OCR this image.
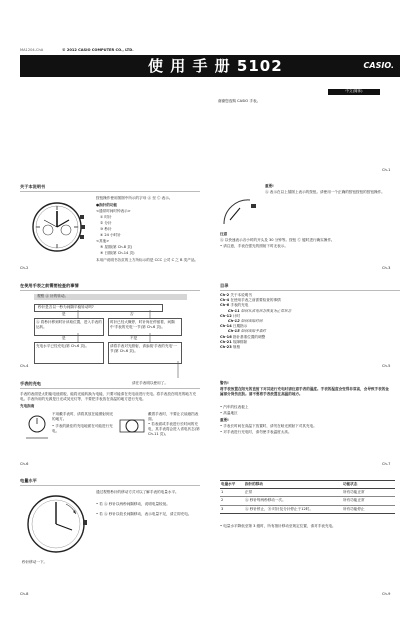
MA1204-ChA	© 2012 CASIO COMPUTER CO., LTD.
使 用 手 册 5102	CASIO.
中文(简体)
谢谢您选购 CASIO 手表。
Ch-1
关于本说明书
按钮操作使用图图中所示的字母 Ⓐ 至 Ⓒ 表示。
●指针的功能
<通常时间时钟表示>
① 时针
② 分针
③ 秒针
④ 24 小时针
<其他>
⑤ 星期(第 Ch-8 页)
⑥ 日期(第 Ch-14 页)
本用户说明书各页的上方所标示的是 CCC 公司 C 之 B 类产品。
Ch-2
重要!
Ⓐ 表示在以上插图上表示的按钮。请使用一个正确的按钮按钮的按钮操作。
注意
Ⓐ 以快速表示各小时的开头及 30 分钟等。按钮 Ⓒ 键时进行确实操作。
• 请注意，手表在强光的照射下时无表示。
Ch-3
在使用手表之前需要检查的事情
观察 Ⓐ 针的转动。
秒针是否以一秒为间隔平稳转动吗?
是	否
Ⓐ 将秒针移到时针读取位置，进入手表的运转。
时针已经大概停，时针尚在停留着，间隔中'手表的充电'一节(第 Ch-6 页)。
是	不是
充电水平已经充电(第 Ch-6 页)。	请将手表对光照射，请参阅'手表的充电'一节(第 Ch-6 页)。
请在手表明以使用了。
Ch-4
目录
Ch-2 关于本说明书
Ch-4 在使用手表之前需要检查的事情
Ch-6 手表的充电
Ch-11 如何从省电状态恢复为正常状态
Ch-12 计时
Ch-12 如何读取时间
Ch-14 日期指示
Ch-15 如何读取手表时
Ch-16 指针基准位置的调整
Ch-21 故障排除
Ch-23 规格
Ch-5
手表的充电
手表的表面是太阳能电池面板，能将光能转换为电能，只要可能请在充电前进行充电。将手表放在明亮的地方充电。手表所用的光源是日光或荧光灯等，不要把手表放在高温的地方进行充电。
充电指南
不用戴手表时，请将其放在能照射到光的地方。
• 手表的最佳的充电地面在可能进行充电。
戴着手表时，不要让衣袖遮挡表面。
• 若表面或手表进行长时间的充电，其手表将会进入省电状态(第 Ch-11 页)。
Ch-6
警告!
将手表放置在阳光的直射下对其进行充电时请注意手表的温度。手表的温度会变得非常高，会导致手表的金属部分烫伤皮肤。请不要将手表放置在高温的地方。
• 汽车的仪表板上
• 高温地区
重要!
• 手表长时间在高温下放置时，请勿在暗光照射下对其充电。
• 对手表进行充电时，请勿使手表温度太高。
Ch-7
电量水平
秒针移动一下。
通过观察秒针的移动方式可以了解手表的电量水平。
• 若 Ⓐ 秒针以两秒间隔移动，说明电量较低。
• 若 Ⓐ 秒针以较长间隔移动，表示电量不足，请立即充电。
Ch-8
电量水平	指针的移动	功能状态
1	正常	所有功能正常
2	Ⓐ 秒针每两秒移动一次。	所有功能正常
3	Ⓐ 秒针停止，Ⓑ 时针及分针停止于12时。	所有功能停止
• 电量水平降低至第 3 级时，所有指针移动至规定位置，请对手表充电。
Ch-9
